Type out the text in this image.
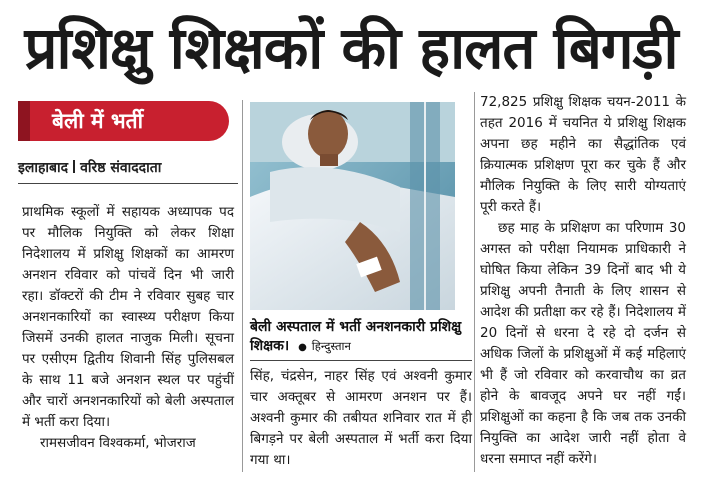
प्रशिक्षु शिक्षकों की हालत बिगड़ी
बेली में भर्ती
इलाहाबाद वरिष्ठ संवाददाता

प्राथमिक स्कूलों में सहायक अध्यापक पद पर मौलिक नियुक्ति को लेकर शिक्षा निदेशालय में प्रशिक्षु शिक्षकों का आमरण अनशन रविवार को पांचवें दिन भी जारी रहा। डॉक्टरों की टीम ने रविवार सुबह चार अनशनकारियों का स्वास्थ्य परीक्षण किया जिसमें उनकी हालत नाजुक मिली। सूचना पर एसीएम द्वितीय शिवानी सिंह पुलिसबल के साथ 11 बजे अनशन स्थल पर पहुंचीं और चारों अनशनकारियों को बेली अस्पताल में भर्ती करा दिया।

रामसजीवन विश्वकर्मा, भोजराज

बेली अस्पताल में भर्ती अनशनकारी प्रशिक्षु शिक्षक। ● हिन्दुस्तान

सिंह, चंद्रसेन, नाहर सिंह एवं अश्वनी कुमार चार अक्तूबर से आमरण अनशन पर हैं। अश्वनी कुमार की तबीयत शनिवार रात में ही बिगड़ने पर बेली अस्पताल में भर्ती करा दिया गया था।

72,825 प्रशिक्षु शिक्षक चयन-2011 के तहत 2016 में चयनित ये प्रशिक्षु शिक्षक अपना छह महीने का सैद्धांतिक एवं क्रियात्मक प्रशिक्षण पूरा कर चुके हैं और मौलिक नियुक्ति के लिए सारी योग्यताएं पूरी करते हैं।

छह माह के प्रशिक्षण का परिणाम 30 अगस्त को परीक्षा नियामक प्राधिकारी ने घोषित किया लेकिन 39 दिनों बाद भी ये प्रशिक्षु अपनी तैनाती के लिए शासन से आदेश की प्रतीक्षा कर रहे हैं। निदेशालय में 20 दिनों से धरना दे रहे दो दर्जन से अधिक जिलों के प्रशिक्षुओं में कई महिलाएं भी हैं जो रविवार को करवाचौथ का व्रत होने के बावजूद अपने घर नहीं गईं। प्रशिक्षुओं का कहना है कि जब तक उनकी नियुक्ति का आदेश जारी नहीं होता वे धरना समाप्त नहीं करेंगे।
